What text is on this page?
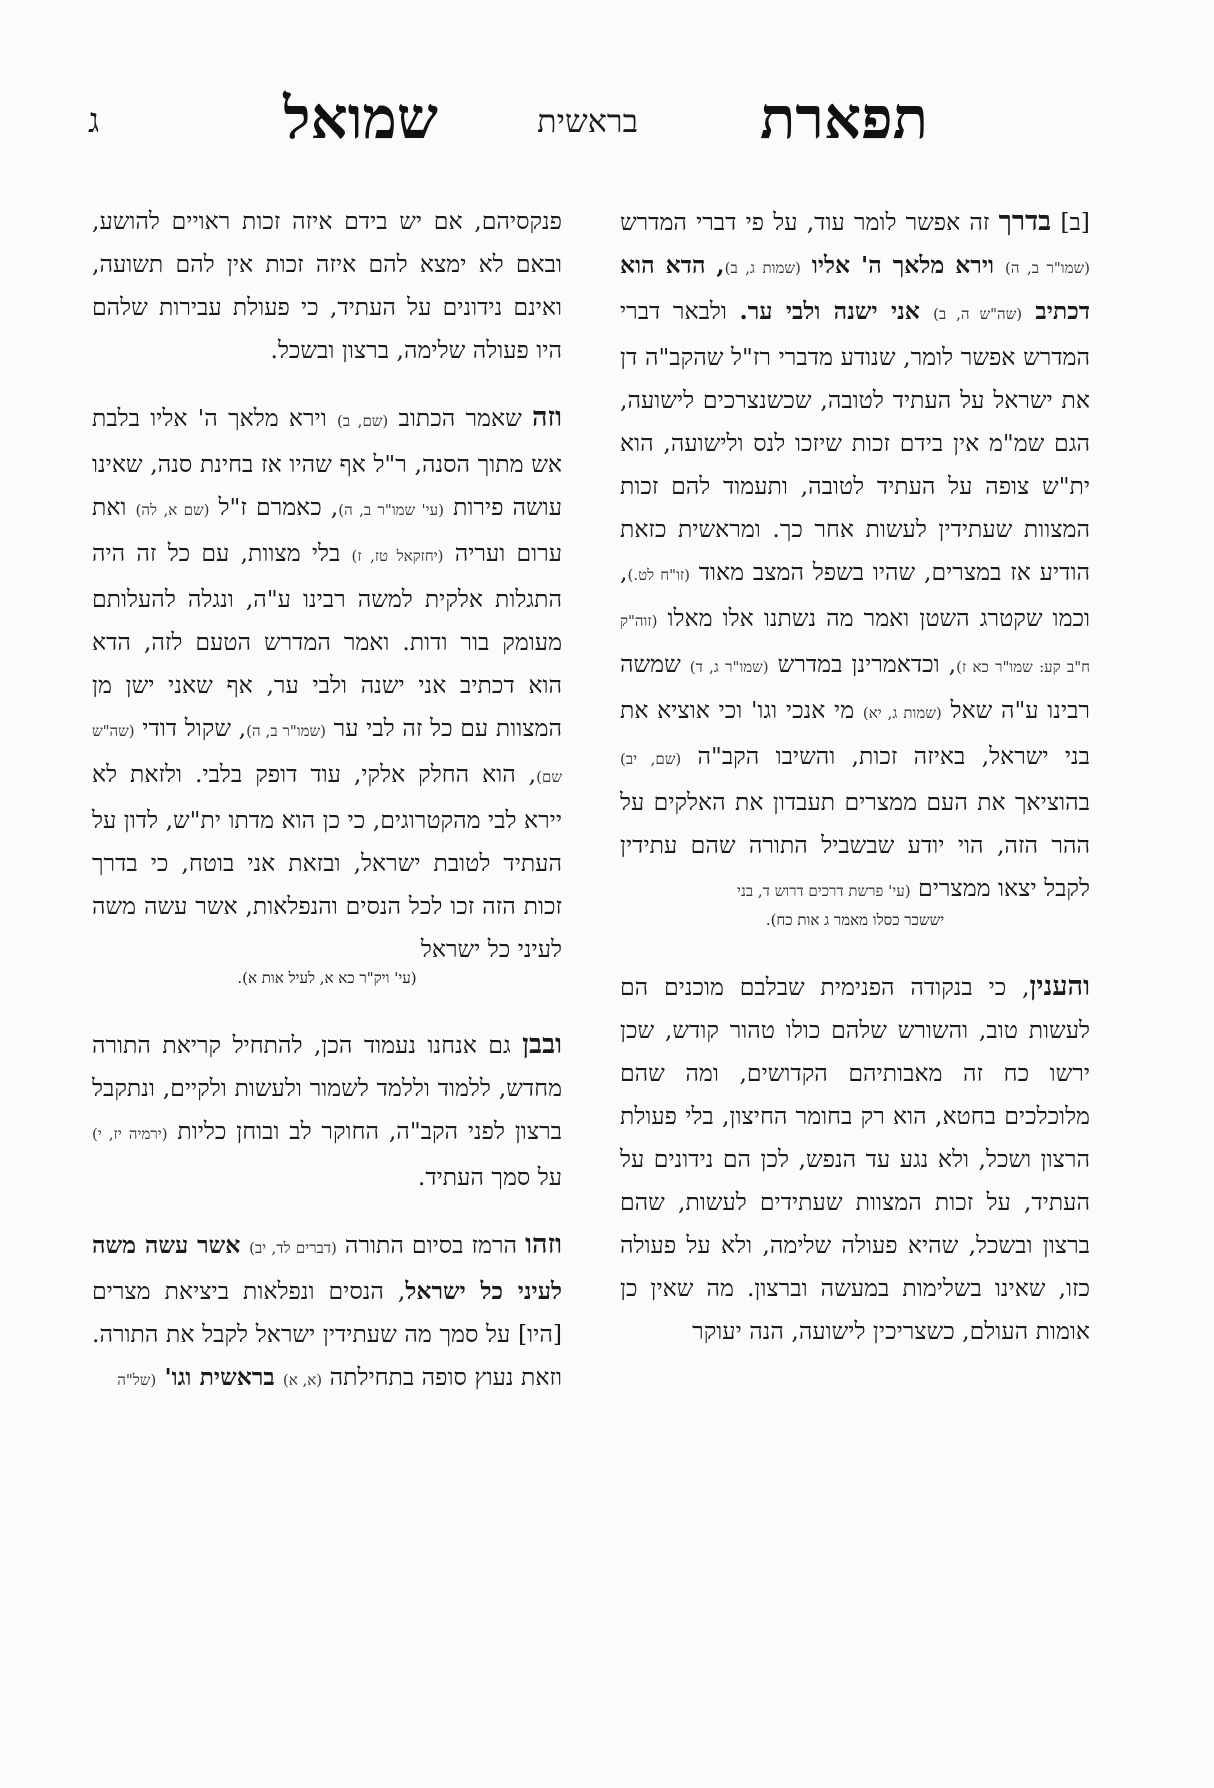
תפארת
בראשית
שמואל
ג

[ב] בדרך זה אפשר לומר עוד, על פי דברי המדרש (שמו"ר ב, ה) וירא מלאך ה' אליו (שמות ג, ב), הדא הוא דכתיב (שה"ש ה, ב) אני ישנה ולבי ער. ולבאר דברי המדרש אפשר לומר, שנודע מדברי רז"ל שהקב"ה דן את ישראל על העתיד לטובה, שכשנצרכים לישועה, הגם שמ"מ אין בידם זכות שיזכו לנס ולישועה, הוא ית"ש צופה על העתיד לטובה, ותעמוד להם זכות המצוות שעתידין לעשות אחר כך. ומראשית כזאת הודיע אז במצרים, שהיו בשפל המצב מאוד (זו"ח לט.), וכמו שקטרג השטן ואמר מה נשתנו אלו מאלו (זוה"ק ח"ב קע: שמו"ר כא ז), וכדאמרינן במדרש (שמו"ר ג, ד) שמשה רבינו ע"ה שאל (שמות ג, יא) מי אנכי וגו' וכי אוציא את בני ישראל, באיזה זכות, והשיבו הקב"ה (שם, יב) בהוציאך את העם ממצרים תעבדון את האלקים על ההר הזה, הוי יודע שבשביל התורה שהם עתידין לקבל יצאו ממצרים (עי' פרשת דרכים דרוש ד, בני

יששכר כסלו מאמר ג אות כח).

והענין, כי בנקודה הפנימית שבלבם מוכנים הם לעשות טוב, והשורש שלהם כולו טהור קודש, שכן ירשו כח זה מאבותיהם הקדושים, ומה שהם מלוכלכים בחטא, הוא רק בחומר החיצון, בלי פעולת הרצון ושכל, ולא נגע עד הנפש, לכן הם נידונים על העתיד, על זכות המצוות שעתידים לעשות, שהם ברצון ובשכל, שהיא פעולה שלימה, ולא על פעולה כזו, שאינו בשלימות במעשה וברצון. מה שאין כן אומות העולם, כשצריכין לישועה, הנה יעוקר

פנקסיהם, אם יש בידם איזה זכות ראויים להושע, ובאם לא ימצא להם איזה זכות אין להם תשועה, ואינם נידונים על העתיד, כי פעולת עבירות שלהם היו פעולה שלימה, ברצון ובשכל.

וזה שאמר הכתוב (שם, ב) וירא מלאך ה' אליו בלבת אש מתוך הסנה, ר"ל אף שהיו אז בחינת סנה, שאינו עושה פירות (עי' שמו"ר ב, ה), כאמרם ז"ל (שם א, לה) ואת ערום ועריה (יחזקאל טז, ז) בלי מצוות, עם כל זה היה התגלות אלקית למשה רבינו ע"ה, ונגלה להעלותם מעומק בור ודות. ואמר המדרש הטעם לזה, הדא הוא דכתיב אני ישנה ולבי ער, אף שאני ישן מן המצוות עם כל זה לבי ער (שמו"ר ב, ה), שקול דודי (שה"ש שם), הוא החלק אלקי, עוד דופק בלבי. ולזאת לא יירא לבי מהקטרוגים, כי כן הוא מדתו ית"ש, לדון על העתיד לטובת ישראל, ובזאת אני בוטח, כי בדרך זכות הזה זכו לכל הנסים והנפלאות, אשר עשה משה לעיני כל ישראל

(עי' ויק"ר כא א, לעיל אות א).

ובבן גם אנחנו נעמוד הכן, להתחיל קריאת התורה מחדש, ללמוד וללמד לשמור ולעשות ולקיים, ונתקבל ברצון לפני הקב"ה, החוקר לב ובוחן כליות (ירמיה יז, י) על סמך העתיד.

וזהו הרמז בסיום התורה (דברים לד, יב) אשר עשה משה לעיני כל ישראל, הנסים ונפלאות ביציאת מצרים [היו] על סמך מה שעתידין ישראל לקבל את התורה. וזאת נעוץ סופה בתחילתה (א, א) בראשית וגו' (של"ה
